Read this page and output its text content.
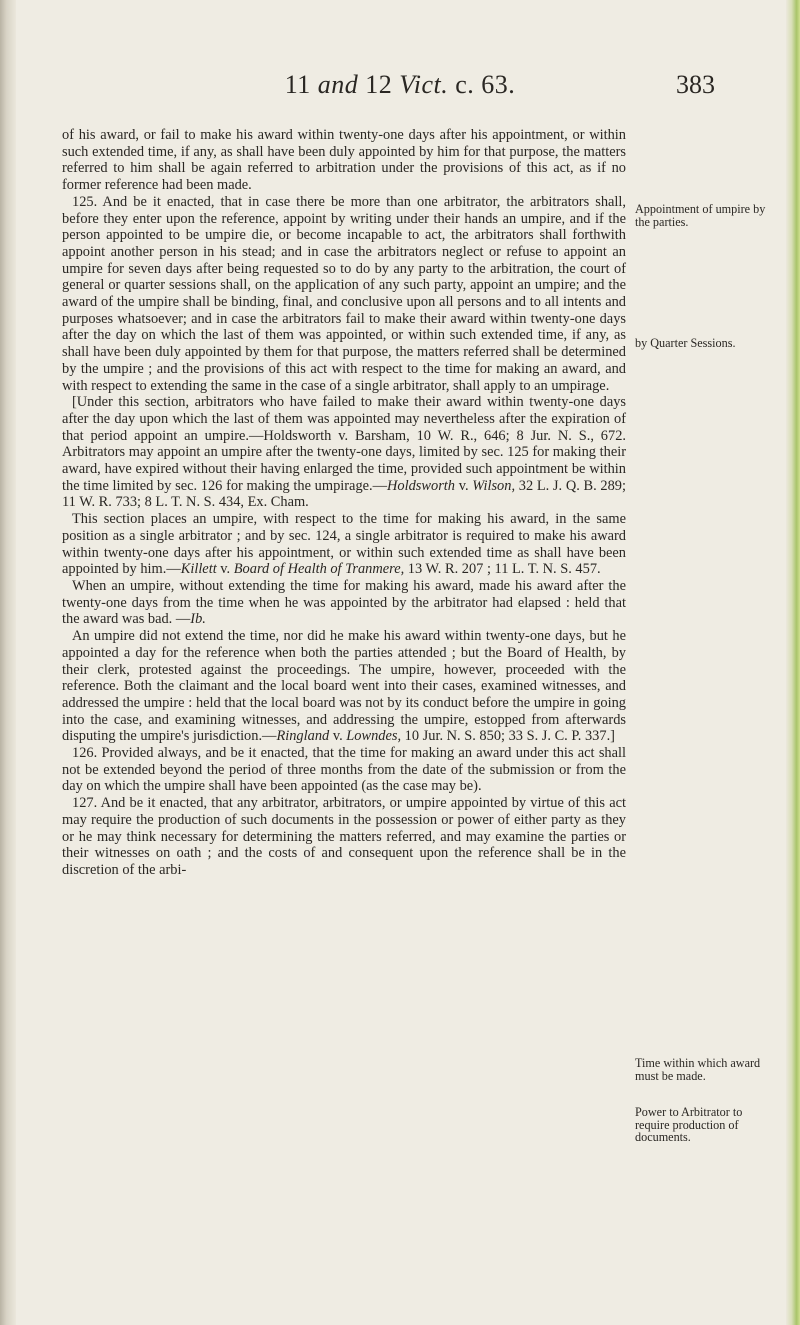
11 and 12 Vict. c. 63.	383

of his award, or fail to make his award within twenty-one days after his appointment, or within such extended time, if any, as shall have been duly appointed by him for that purpose, the matters referred to him shall be again referred to arbitration under the provisions of this act, as if no former reference had been made.

125. And be it enacted, that in case there be more than one arbitrator, the arbitrators shall, before they enter upon the reference, appoint by writing under their hands an umpire, and if the person appointed to be umpire die, or become incapable to act, the arbitrators shall forthwith appoint another person in his stead; and in case the arbitrators neglect or refuse to appoint an umpire for seven days after being requested so to do by any party to the arbitration, the court of general or quarter sessions shall, on the application of any such party, appoint an umpire; and the award of the umpire shall be binding, final, and conclusive upon all persons and to all intents and purposes whatsoever; and in case the arbitrators fail to make their award within twenty-one days after the day on which the last of them was appointed, or within such extended time, if any, as shall have been duly appointed by them for that purpose, the matters referred shall be determined by the umpire ; and the provisions of this act with respect to the time for making an award, and with respect to extending the same in the case of a single arbitrator, shall apply to an umpirage.

[Under this section, arbitrators who have failed to make their award within twenty-one days after the day upon which the last of them was appointed may nevertheless after the expiration of that period appoint an umpire.—Holdsworth v. Barsham, 10 W. R., 646; 8 Jur. N. S., 672. Arbitrators may appoint an umpire after the twenty-one days, limited by sec. 125 for making their award, have expired without their having enlarged the time, provided such appointment be within the time limited by sec. 126 for making the umpirage.—Holdsworth v. Wilson, 32 L. J. Q. B. 289; 11 W. R. 733; 8 L. T. N. S. 434, Ex. Cham.

This section places an umpire, with respect to the time for making his award, in the same position as a single arbitrator ; and by sec. 124, a single arbitrator is required to make his award within twenty-one days after his appointment, or within such extended time as shall have been appointed by him.—Killett v. Board of Health of Tranmere, 13 W. R. 207 ; 11 L. T. N. S. 457.

When an umpire, without extending the time for making his award, made his award after the twenty-one days from the time when he was appointed by the arbitrator had elapsed : held that the award was bad. —Ib.

An umpire did not extend the time, nor did he make his award within twenty-one days, but he appointed a day for the reference when both the parties attended ; but the Board of Health, by their clerk, protested against the proceedings. The umpire, however, proceeded with the reference. Both the claimant and the local board went into their cases, examined witnesses, and addressed the umpire : held that the local board was not by its conduct before the umpire in going into the case, and examining witnesses, and addressing the umpire, estopped from afterwards disputing the umpire's jurisdiction.—Ringland v. Lowndes, 10 Jur. N. S. 850; 33 S. J. C. P. 337.]

126. Provided always, and be it enacted, that the time for making an award under this act shall not be extended beyond the period of three months from the date of the submission or from the day on which the umpire shall have been appointed (as the case may be).

127. And be it enacted, that any arbitrator, arbitrators, or umpire appointed by virtue of this act may require the production of such documents in the possession or power of either party as they or he may think necessary for determining the matters referred, and may examine the parties or their witnesses on oath ; and the costs of and consequent upon the reference shall be in the discretion of the arbi-

Appointment of umpire by the parties.
by Quarter Sessions.
Time within which award must be made.
Power to Arbitrator to require production of documents.
